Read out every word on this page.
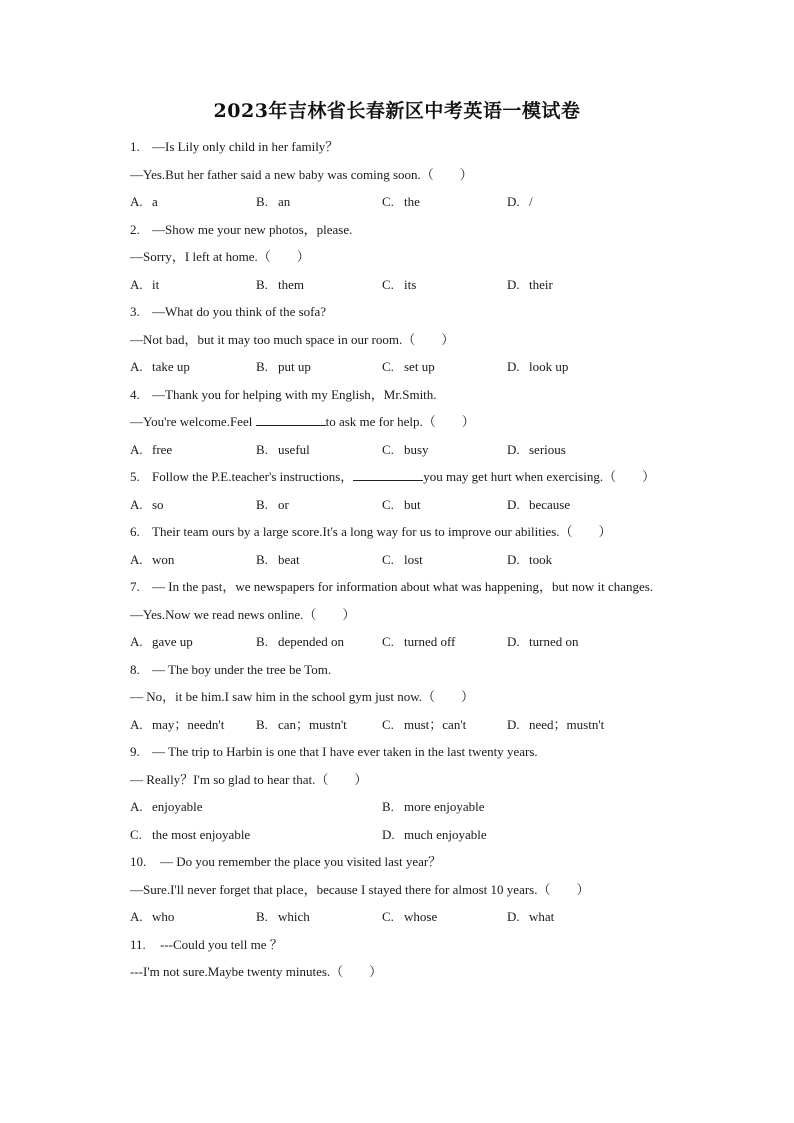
2023年吉林省长春新区中考英语一模试卷
1. —Is Lily only child in her family？
—Yes.But her father said a new baby was coming soon.（　　）
A. a	B. an	C. the	D. /
2. —Show me your new photos，please.
—Sorry，I left at home.（　　）
A. it	B. them	C. its	D. their
3. —What do you think of the sofa?
—Not bad，but it may too much space in our room.（　　）
A. take up	B. put up	C. set up	D. look up
4. —Thank you for helping with my English，Mr.Smith.
—You're welcome.Feel	to ask me for help.（　　）
A. free	B. useful	C. busy	D. serious
5. Follow the P.E.teacher's instructions，	you may get hurt when exercising.（　　）
A. so	B. or	C. but	D. because
6. Their team ours by a large score.It's a long way for us to improve our abilities.（　　）
A. won	B. beat	C. lost	D. took
7. — In the past，we newspapers for information about what was happening，but now it changes.
—Yes.Now we read news online.（　　）
A. gave up	B. depended on	C. turned off	D. turned on
8. — The boy under the tree be Tom.
— No，it be him.I saw him in the school gym just now.（　　）
A. may；needn't B. can；mustn't	C. must；can't	D. need；mustn't
9. — The trip to Harbin is one that I have ever taken in the last twenty years.
— Really？I'm so glad to hear that.（　　）
A. enjoyable	B. more enjoyable
C. the most enjoyable	D. much enjoyable
10. — Do you remember the place you visited last year？
—Sure.I'll never forget that place，because I stayed there for almost 10 years.（　　）
A. who	B. which	C. whose	D. what
11. ---Could you tell me ？
---I'm not sure.Maybe twenty minutes.（　　）
